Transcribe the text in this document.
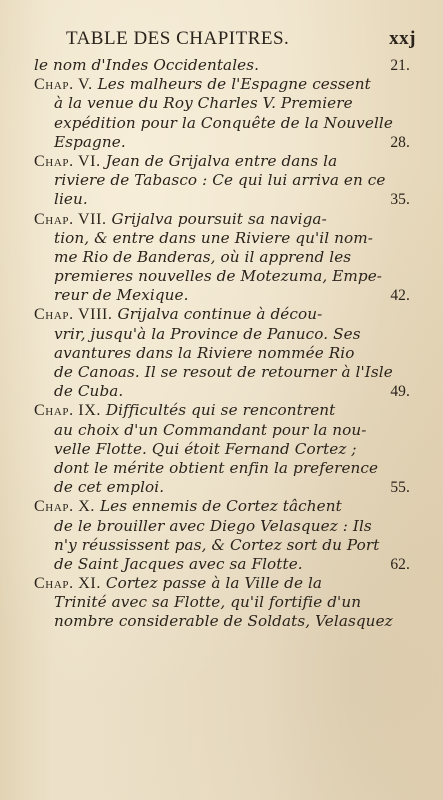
TABLE DES CHAPITRES.	xxj
le nom d'Indes Occidentales.	21.
Chap. V. Les malheurs de l'Espagne cessent
à la venue du Roy Charles V. Premiere
expédition pour la Conquête de la Nouvelle
Espagne.	28.
Chap. VI. Jean de Grijalva entre dans la
riviere de Tabasco : Ce qui lui arriva en ce
lieu.	35.
Chap. VII. Grijalva poursuit sa naviga-
tion, & entre dans une Riviere qu'il nom-
me Rio de Banderas, où il apprend les
premieres nouvelles de Motezuma, Empe-
reur de Mexique.	42.
Chap. VIII. Grijalva continue à décou-
vrir, jusqu'à la Province de Panuco. Ses
avantures dans la Riviere nommée Rio
de Canoas. Il se resout de retourner à l'Isle
de Cuba.	49.
Chap. IX. Difficultés qui se rencontrent
au choix d'un Commandant pour la nou-
velle Flotte. Qui étoit Fernand Cortez ;
dont le mérite obtient enfin la preference
de cet emploi.	55.
Chap. X. Les ennemis de Cortez tâchent
de le brouiller avec Diego Velasquez : Ils
n'y réussissent pas, & Cortez sort du Port
de Saint Jacques avec sa Flotte.	62.
Chap. XI. Cortez passe à la Ville de la
Trinité avec sa Flotte, qu'il fortifie d'un
nombre considerable de Soldats, Velasquez
